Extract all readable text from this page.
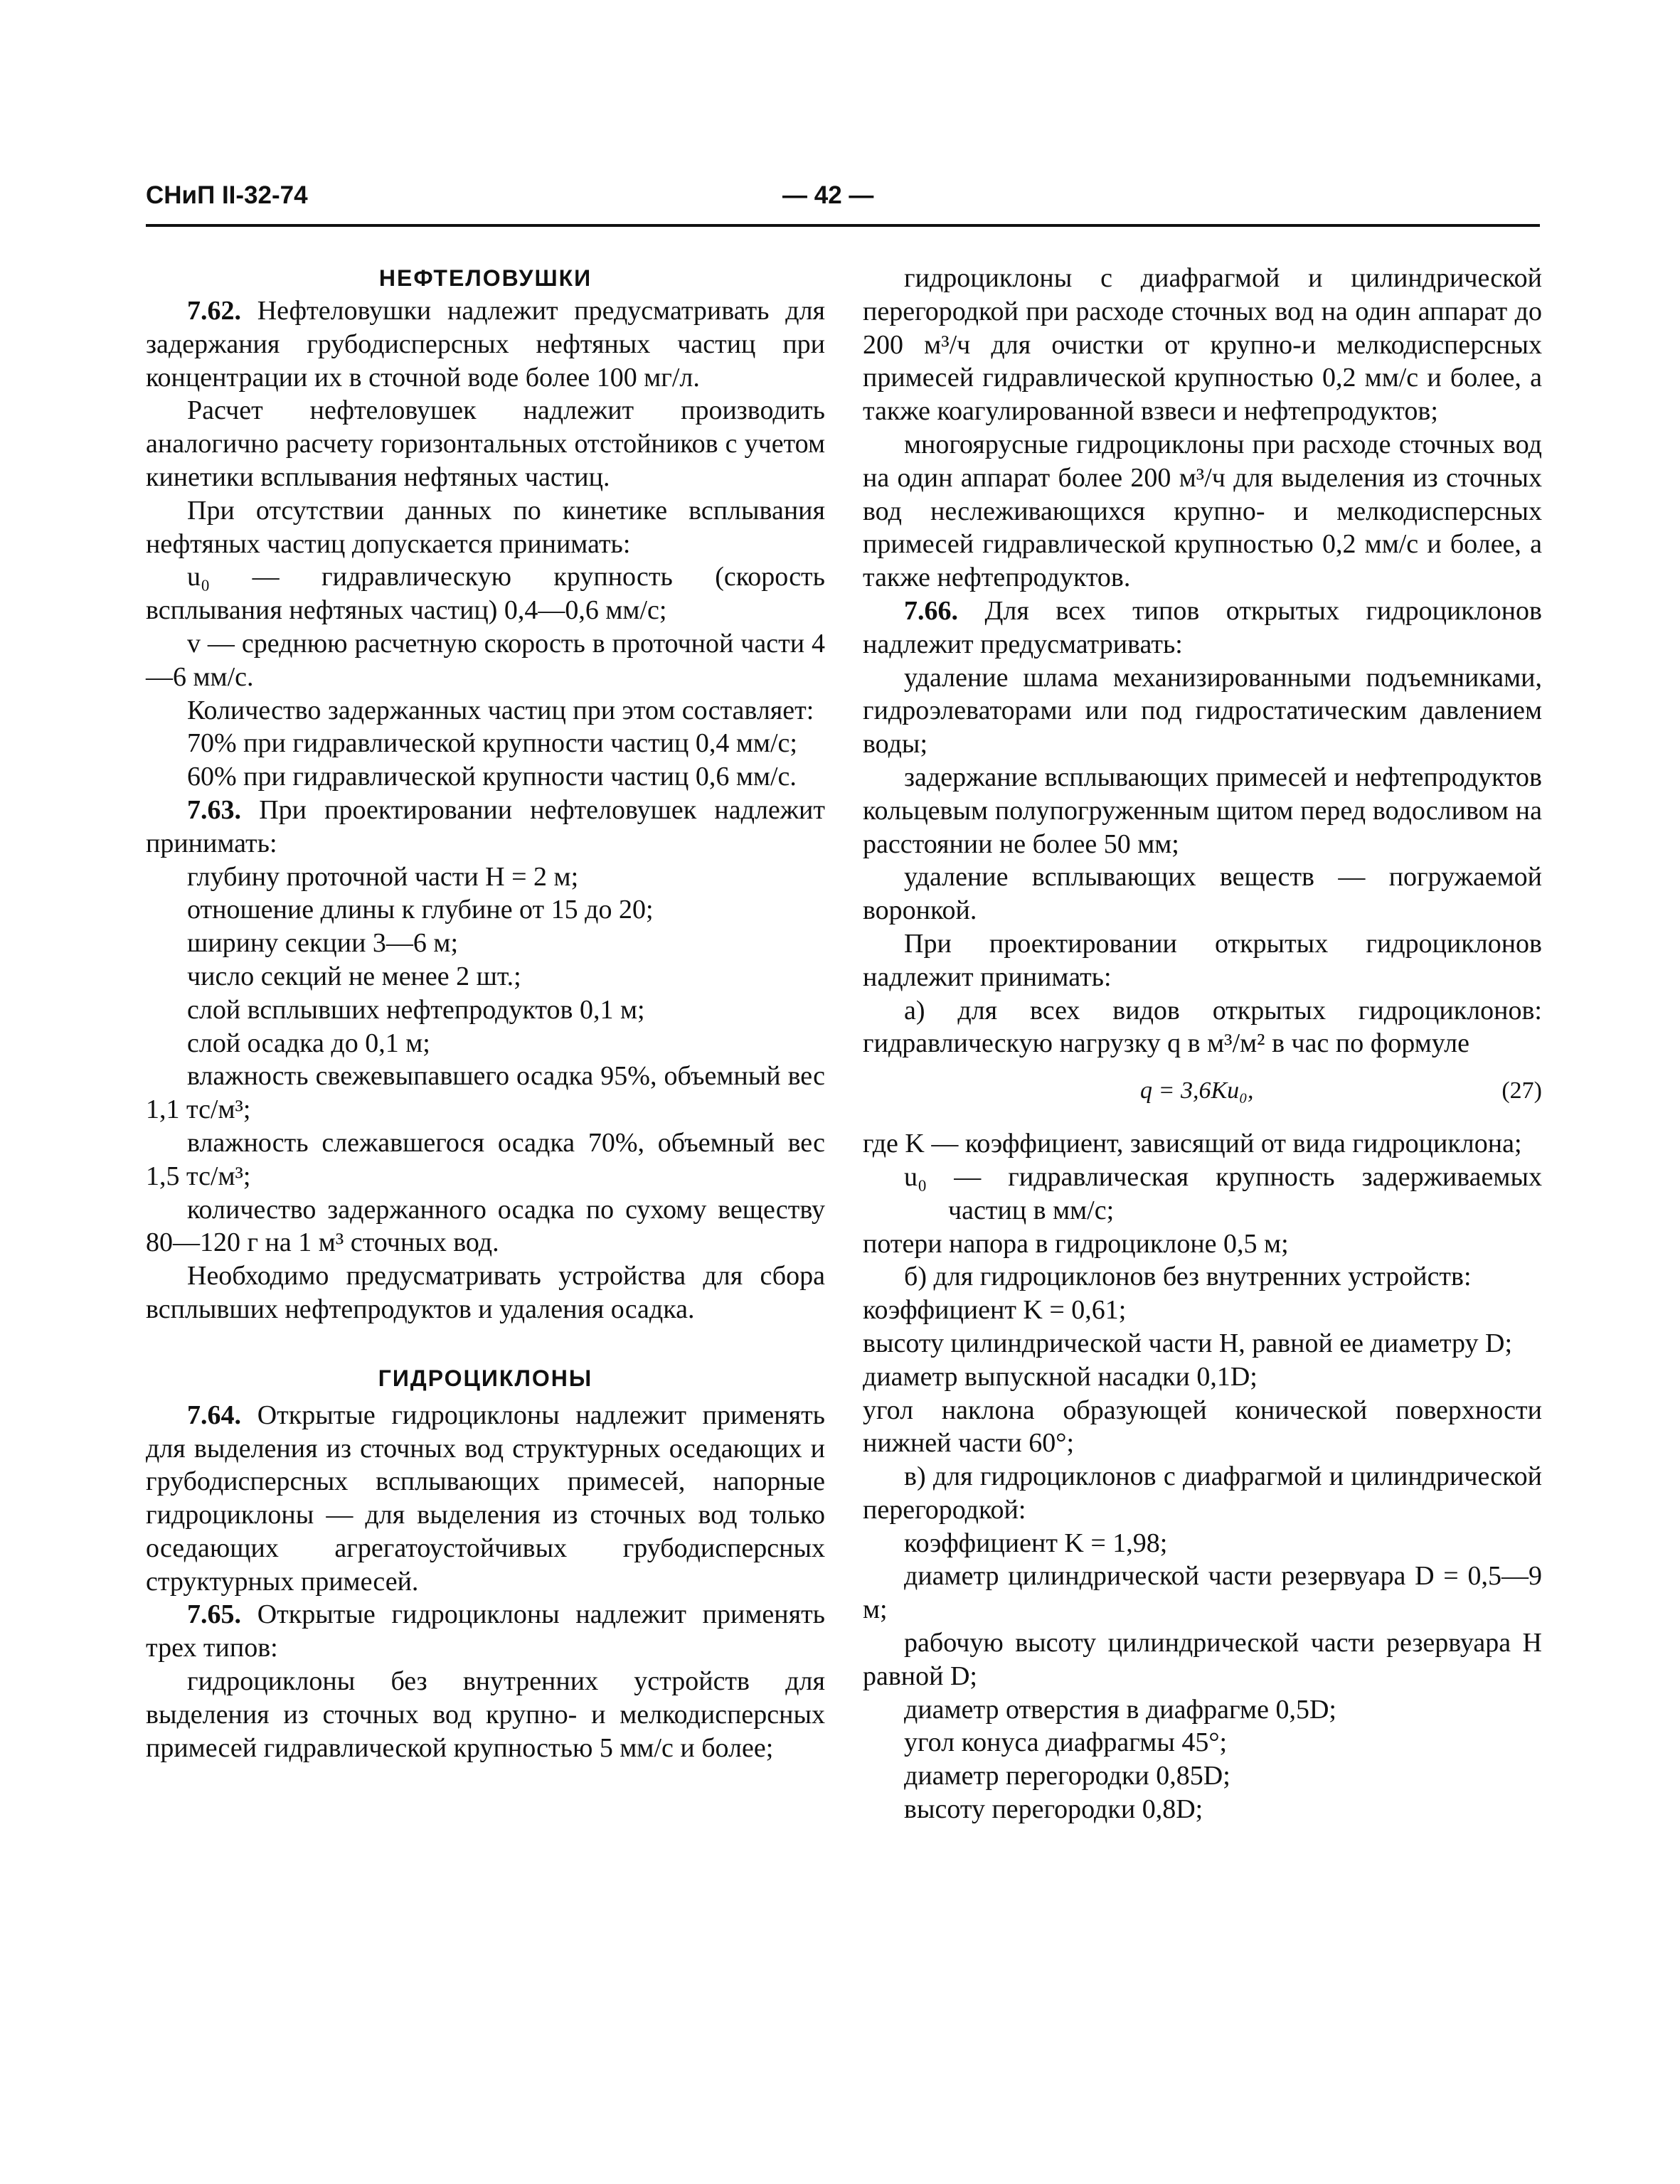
СНиП II-32-74	— 42 —
НЕФТЕЛОВУШКИ

7.62. Нефтеловушки надлежит предусматривать для задержания грубодисперсных нефтяных частиц при концентрации их в сточной воде более 100 мг/л.

Расчет нефтеловушек надлежит производить аналогично расчету горизонтальных отстойников с учетом кинетики всплывания нефтяных частиц.

При отсутствии данных по кинетике всплывания нефтяных частиц допускается принимать:

u₀ — гидравлическую крупность (скорость всплывания нефтяных частиц) 0,4—0,6 мм/с;

v — среднюю расчетную скорость в проточной части 4—6 мм/с.

Количество задержанных частиц при этом составляет:

70% при гидравлической крупности частиц 0,4 мм/с;

60% при гидравлической крупности частиц 0,6 мм/с.

7.63. При проектировании нефтеловушек надлежит принимать:

глубину проточной части H = 2 м;

отношение длины к глубине от 15 до 20;

ширину секции 3—6 м;

число секций не менее 2 шт.;

слой всплывших нефтепродуктов 0,1 м;

слой осадка до 0,1 м;

влажность свежевыпавшего осадка 95%, объемный вес 1,1 тс/м³;

влажность слежавшегося осадка 70%, объемный вес 1,5 тс/м³;

количество задержанного осадка по сухому веществу 80—120 г на 1 м³ сточных вод.

Необходимо предусматривать устройства для сбора всплывших нефтепродуктов и удаления осадка.

ГИДРОЦИКЛОНЫ

7.64. Открытые гидроциклоны надлежит применять для выделения из сточных вод структурных оседающих и грубодисперсных всплывающих примесей, напорные гидроциклоны — для выделения из сточных вод только оседающих агрегатоустойчивых грубодисперсных структурных примесей.

7.65. Открытые гидроциклоны надлежит применять трех типов:

гидроциклоны без внутренних устройств для выделения из сточных вод крупно- и мелкодисперсных примесей гидравлической крупностью 5 мм/с и более;

гидроциклоны с диафрагмой и цилиндрической перегородкой при расходе сточных вод на один аппарат до 200 м³/ч для очистки от крупно-и мелкодисперсных примесей гидравлической крупностью 0,2 мм/с и более, а также коагулированной взвеси и нефтепродуктов;

многоярусные гидроциклоны при расходе сточных вод на один аппарат более 200 м³/ч для выделения из сточных вод неслеживающихся крупно- и мелкодисперсных примесей гидравлической крупностью 0,2 мм/с и более, а также нефтепродуктов.

7.66. Для всех типов открытых гидроциклонов надлежит предусматривать:

удаление шлама механизированными подъемниками, гидроэлеваторами или под гидростатическим давлением воды;

задержание всплывающих примесей и нефтепродуктов кольцевым полупогруженным щитом перед водосливом на расстоянии не более 50 мм;

удаление всплывающих веществ — погружаемой воронкой.

При проектировании открытых гидроциклонов надлежит принимать:

а) для всех видов открытых гидроциклонов: гидравлическую нагрузку q в м³/м² в час по формуле

q = 3,6Ku₀,	(27)

где K — коэффициент, зависящий от вида гидроциклона;

u₀ — гидравлическая крупность задерживаемых частиц в мм/с;

потери напора в гидроциклоне 0,5 м;

б) для гидроциклонов без внутренних устройств:

коэффициент K = 0,61;

высоту цилиндрической части H, равной ее диаметру D;

диаметр выпускной насадки 0,1D;

угол наклона образующей конической поверхности нижней части 60°;

в) для гидроциклонов с диафрагмой и цилиндрической перегородкой:

коэффициент K = 1,98;

диаметр цилиндрической части резервуара D = 0,5—9 м;

рабочую высоту цилиндрической части резервуара H равной D;

диаметр отверстия в диафрагме 0,5D;

угол конуса диафрагмы 45°;

диаметр перегородки 0,85D;

высоту перегородки 0,8D;
